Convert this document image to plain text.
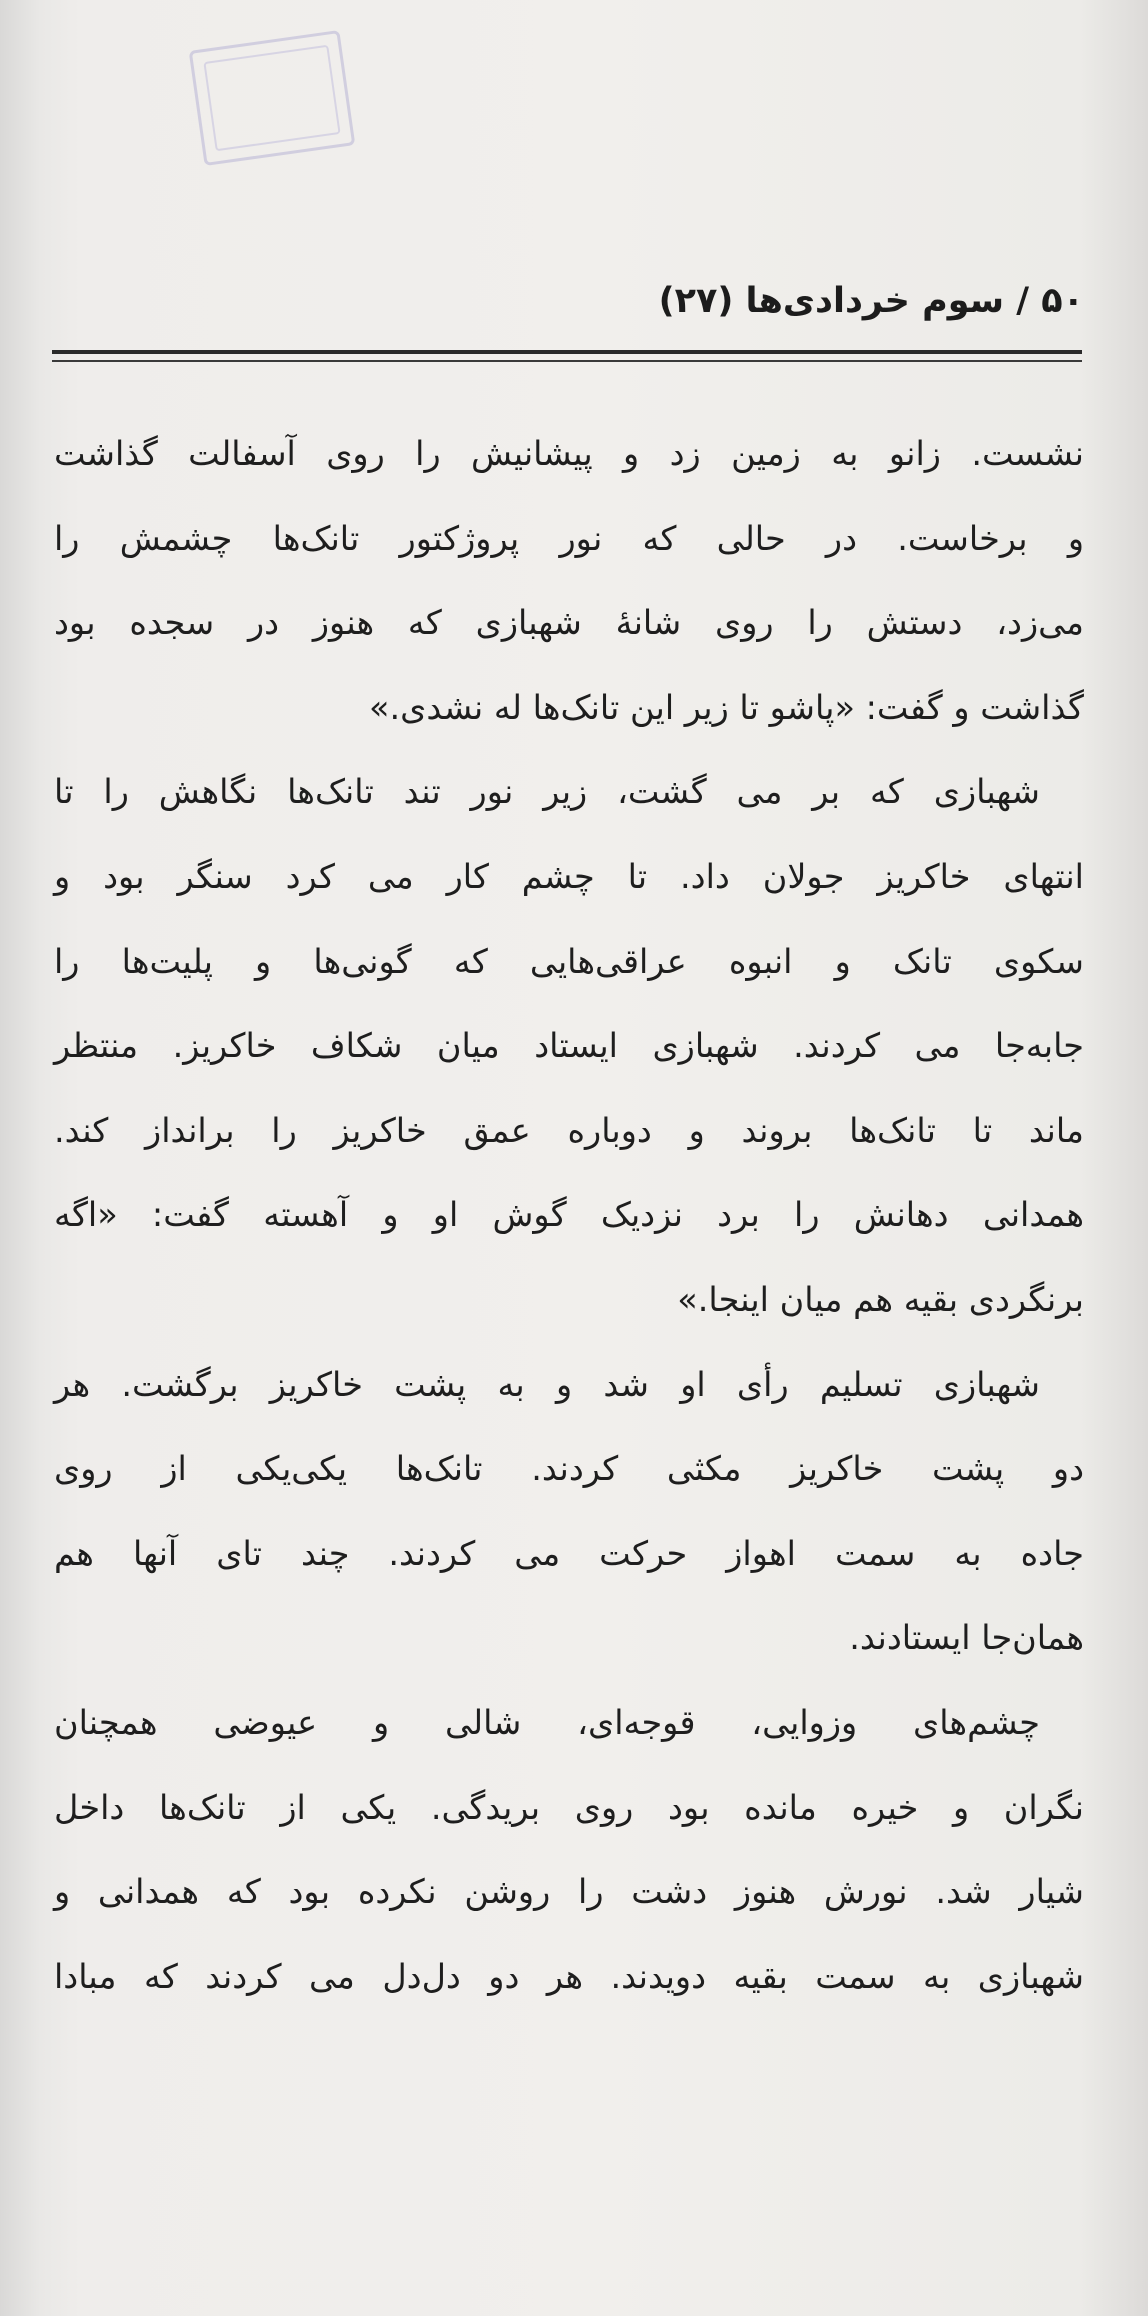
۵۰ / سوم خردادی‌ها (۲۷)
نشست. زانو به زمین زد و پیشانیش را روی آسفالت گذاشت
و برخاست. در حالی که نور پروژکتور تانک‌ها چشمش را
می‌زد، دستش را روی شانهٔ شهبازی که هنوز در سجده بود
گذاشت و گفت: «پاشو تا زیر این تانک‌ها له نشدی.»
شهبازی که بر می گشت، زیر نور تند تانک‌ها نگاهش را تا
انتهای خاکریز جولان داد. تا چشم کار می کرد سنگر بود و
سکوی تانک و انبوه عراقی‌هایی که گونی‌ها و پلیت‌ها را
جابه‌جا می کردند. شهبازی ایستاد میان شکاف خاکریز. منتظر
ماند تا تانک‌ها بروند و دوباره عمق خاکریز را برانداز کند.
همدانی دهانش را برد نزدیک گوش او و آهسته گفت: «اگه
برنگردی بقیه هم میان اینجا.»
شهبازی تسلیم رأی او شد و به پشت خاکریز برگشت. هر
دو پشت خاکریز مکثی کردند. تانک‌ها یکی‌یکی از روی
جاده به سمت اهواز حرکت می کردند. چند تای آنها هم
همان‌جا ایستادند.
چشم‌های وزوایی، قوجه‌ای، شالی و عیوضی همچنان
نگران و خیره مانده بود روی بریدگی. یکی از تانک‌ها داخل
شیار شد. نورش هنوز دشت را روشن نکرده بود که همدانی و
شهبازی به سمت بقیه دویدند. هر دو دل‌دل می کردند که مبادا
